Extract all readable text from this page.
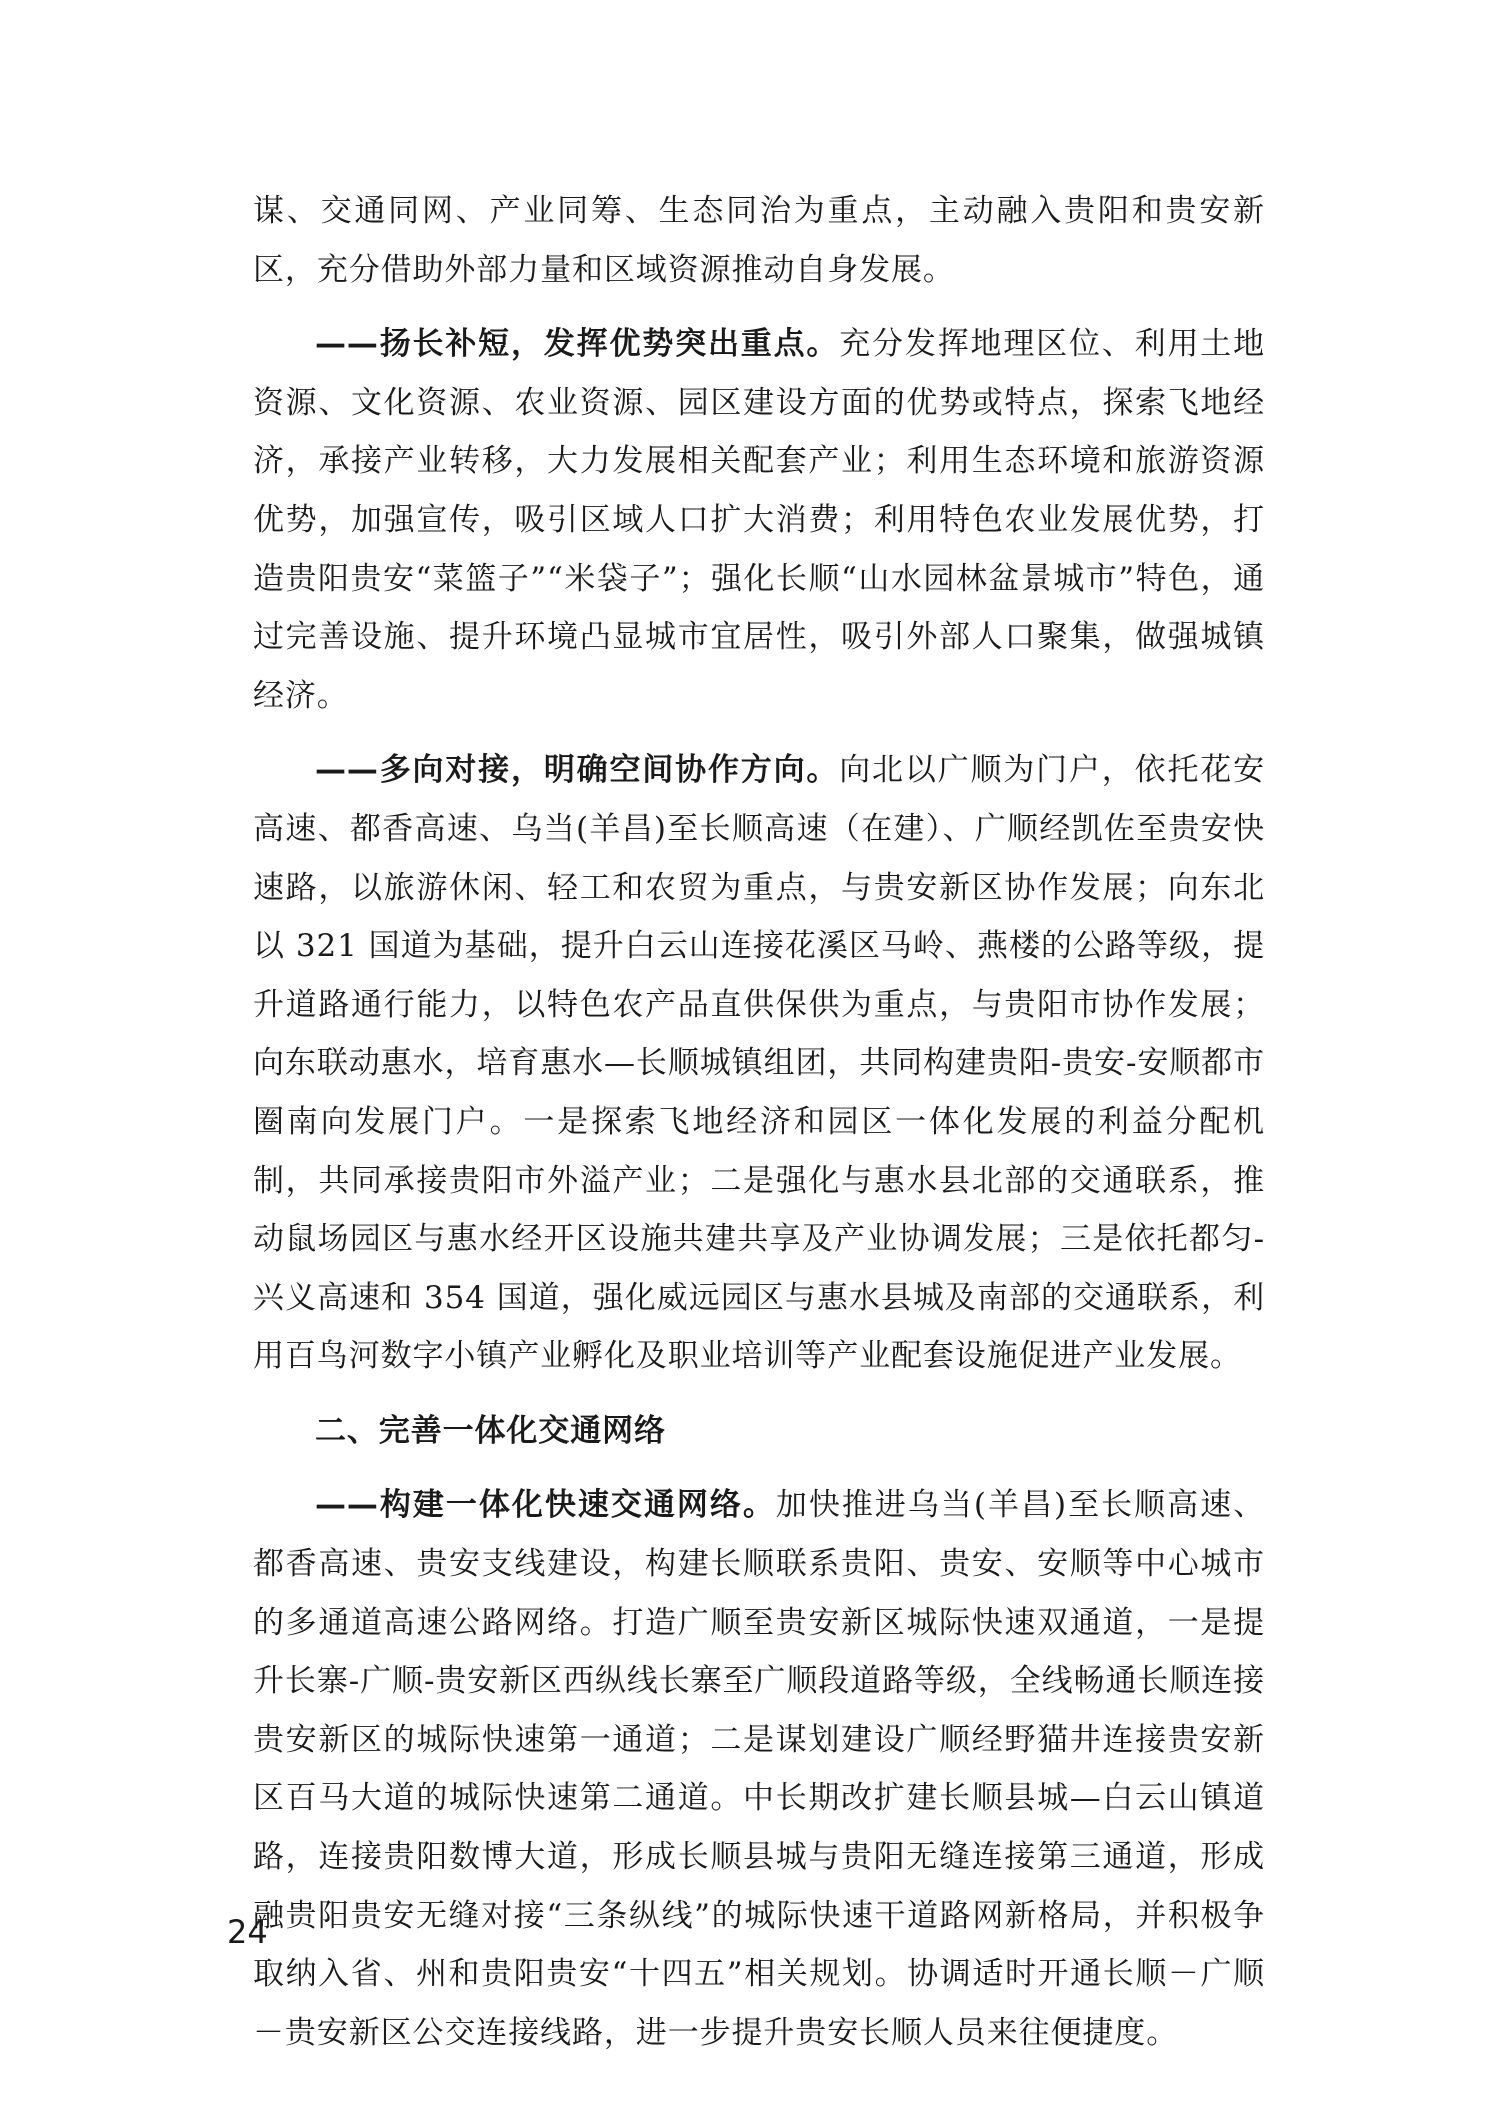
谋、交通同网、产业同筹、生态同治为重点，主动融入贵阳和贵安新区，充分借助外部力量和区域资源推动自身发展。

——扬长补短，发挥优势突出重点。充分发挥地理区位、利用土地资源、文化资源、农业资源、园区建设方面的优势或特点，探索飞地经济，承接产业转移，大力发展相关配套产业；利用生态环境和旅游资源优势，加强宣传，吸引区域人口扩大消费；利用特色农业发展优势，打造贵阳贵安“菜篮子”“米袋子”；强化长顺“山水园林盆景城市”特色，通过完善设施、提升环境凸显城市宜居性，吸引外部人口聚集，做强城镇经济。

——多向对接，明确空间协作方向。向北以广顺为门户，依托花安高速、都香高速、乌当(羊昌)至长顺高速（在建）、广顺经凯佐至贵安快速路，以旅游休闲、轻工和农贸为重点，与贵安新区协作发展；向东北以 321 国道为基础，提升白云山连接花溪区马岭、燕楼的公路等级，提升道路通行能力，以特色农产品直供保供为重点，与贵阳市协作发展；向东联动惠水，培育惠水—长顺城镇组团，共同构建贵阳-贵安-安顺都市圈南向发展门户。一是探索飞地经济和园区一体化发展的利益分配机制，共同承接贵阳市外溢产业；二是强化与惠水县北部的交通联系，推动鼠场园区与惠水经开区设施共建共享及产业协调发展；三是依托都匀-兴义高速和 354 国道，强化威远园区与惠水县城及南部的交通联系，利用百鸟河数字小镇产业孵化及职业培训等产业配套设施促进产业发展。

二、完善一体化交通网络

——构建一体化快速交通网络。加快推进乌当(羊昌)至长顺高速、都香高速、贵安支线建设，构建长顺联系贵阳、贵安、安顺等中心城市的多通道高速公路网络。打造广顺至贵安新区城际快速双通道，一是提升长寨-广顺-贵安新区西纵线长寨至广顺段道路等级，全线畅通长顺连接贵安新区的城际快速第一通道；二是谋划建设广顺经野猫井连接贵安新区百马大道的城际快速第二通道。中长期改扩建长顺县城—白云山镇道路，连接贵阳数博大道，形成长顺县城与贵阳无缝连接第三通道，形成融贵阳贵安无缝对接“三条纵线”的城际快速干道路网新格局，并积极争取纳入省、州和贵阳贵安“十四五”相关规划。协调适时开通长顺－广顺－贵安新区公交连接线路，进一步提升贵安长顺人员来往便捷度。

24
